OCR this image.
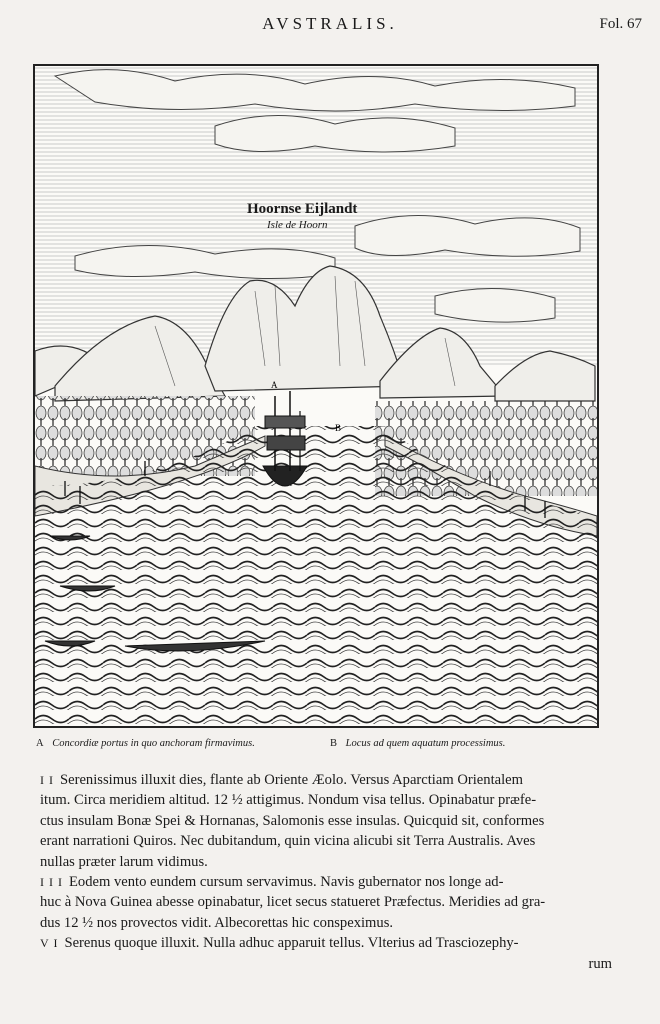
AVSTRALIS.	Fol. 67
A
B
Hoornse Eijlandt
Isle de Hoorn
A Concordiæ portus in quo anchoram firmavimus.	B Locus ad quem aquatum processimus.
I I Serenissimus illuxit dies, flante ab Oriente Æolo. Versus Aparctiam Orientalem
itum. Circa meridiem altitud. 12 ½ attigimus. Nondum visa tellus. Opinabatur præfe-
ctus insulam Bonæ Spei & Hornanas, Salomonis esse insulas. Quicquid sit, conformes
erant narrationi Quiros. Nec dubitandum, quin vicina alicubi sit Terra Australis. Aves
nullas præter larum vidimus.
I I I Eodem vento eundem cursum servavimus. Navis gubernator nos longe ad-
huc à Nova Guinea abesse opinabatur, licet secus statueret Præfectus. Meridies ad gra-
dus 12 ½ nos provectos vidit. Albecorettas hic conspeximus.
V I Serenus quoque illuxit. Nulla adhuc apparuit tellus. Vlterius ad Trasciozephy-
rum
